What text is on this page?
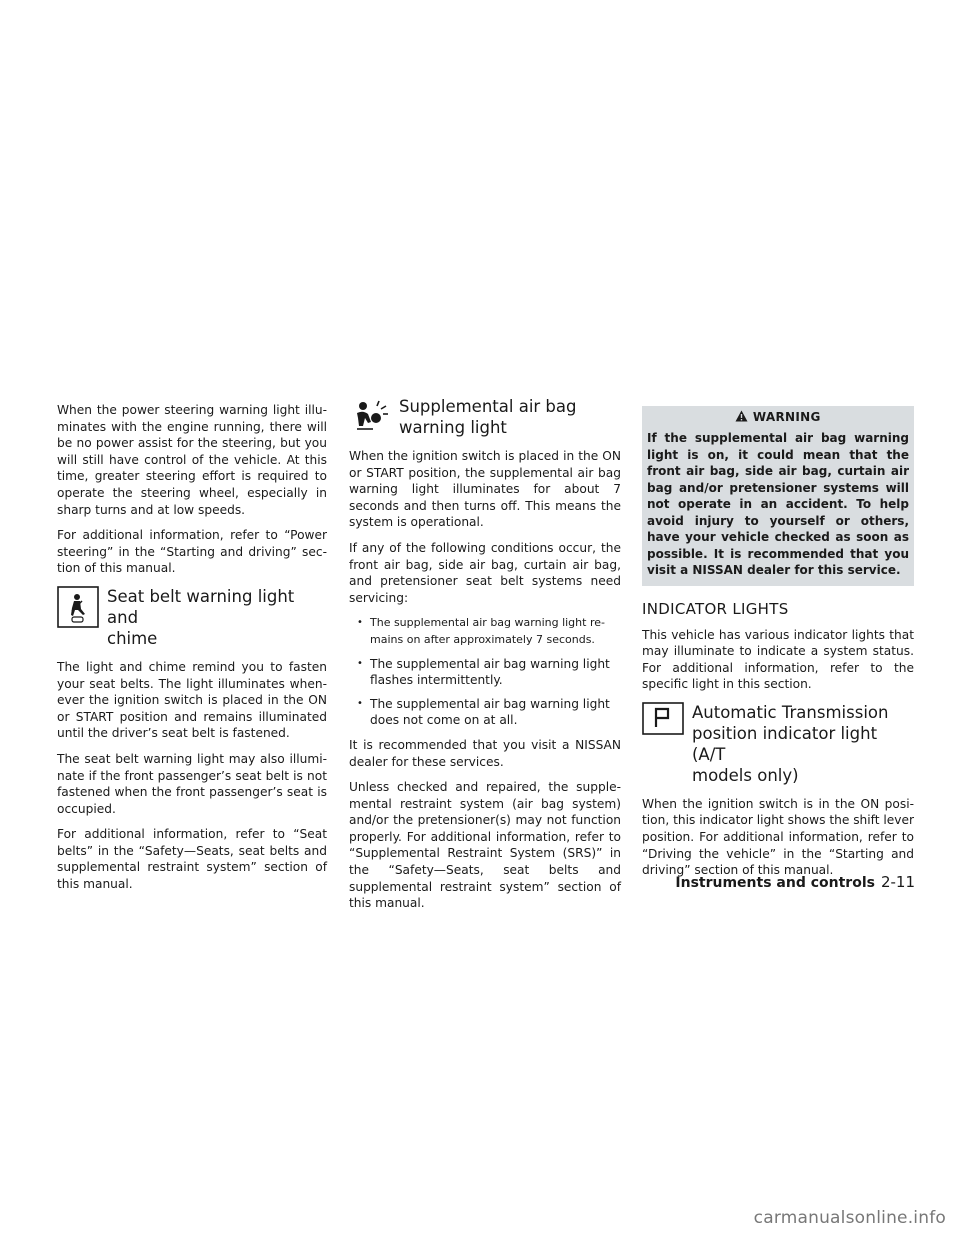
When the power steering warning light illuminates with the engine running, there will be no power assist for the steering, but you will still have control of the vehicle. At this time, greater steering effort is required to operate the steering wheel, especially in sharp turns and at low speeds.

For additional information, refer to “Power steering” in the “Starting and driving” section of this manual.

Seat belt warning light and
chime

The light and chime remind you to fasten your seat belts. The light illuminates whenever the ignition switch is placed in the ON or START position and remains illuminated until the driver’s seat belt is fastened.

The seat belt warning light may also illuminate if the front passenger’s seat belt is not fastened when the front passenger’s seat is occupied.

For additional information, refer to “Seat belts” in the “Safety—Seats, seat belts and supplemental restraint system” section of this manual.

Supplemental air bag
warning light

When the ignition switch is placed in the ON or START position, the supplemental air bag warning light illuminates for about 7 seconds and then turns off. This means the system is operational.

If any of the following conditions occur, the front air bag, side air bag, curtain air bag, and pretensioner seat belt systems need servicing:

• The supplemental air bag warning light remains on after approximately 7 seconds.
• The supplemental air bag warning light flashes intermittently.
• The supplemental air bag warning light does not come on at all.

It is recommended that you visit a NISSAN dealer for these services.

Unless checked and repaired, the supplemental restraint system (air bag system) and/or the pretensioner(s) may not function properly. For additional information, refer to “Supplemental Restraint System (SRS)” in the “Safety—Seats, seat belts and supplemental restraint system” section of this manual.

WARNING
If the supplemental air bag warning light is on, it could mean that the front air bag, side air bag, curtain air bag and/or pretensioner systems will not operate in an accident. To help avoid injury to yourself or others, have your vehicle checked as soon as possible. It is recommended that you visit a NISSAN dealer for this service.
INDICATOR LIGHTS

This vehicle has various indicator lights that may illuminate to indicate a system status. For additional information, refer to the specific light in this section.

Automatic Transmission
position indicator light (A/T
models only)

When the ignition switch is in the ON position, this indicator light shows the shift lever position. For additional information, refer to “Driving the vehicle” in the “Starting and driving” section of this manual.

Instruments and controls 2-11
carmanualsonline.info
